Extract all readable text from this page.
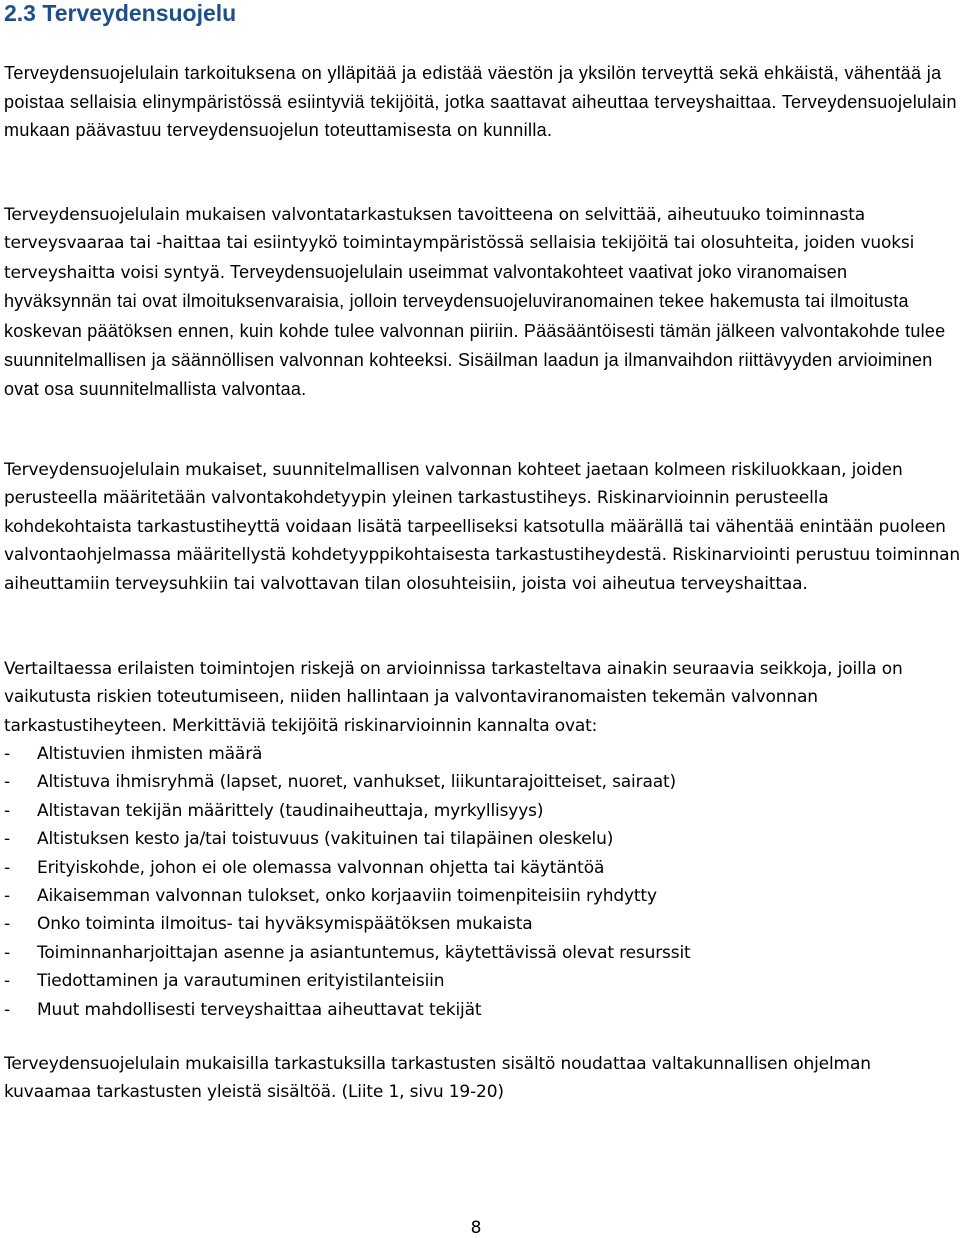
2.3 Terveydensuojelu

Terveydensuojelulain tarkoituksena on ylläpitää ja edistää väestön ja yksilön terveyttä sekä ehkäistä, vähentää ja poistaa sellaisia elinympäristössä esiintyviä tekijöitä, jotka saattavat aiheuttaa terveyshaittaa. Terveydensuojelulain mukaan päävastuu terveydensuojelun toteuttamisesta on kunnilla.

Terveydensuojelulain mukaisen valvontatarkastuksen tavoitteena on selvittää, aiheutuuko toiminnasta terveysvaaraa tai -haittaa tai esiintyykö toimintaympäristössä sellaisia tekijöitä tai olosuhteita, joiden vuoksi terveyshaitta voisi syntyä. Terveydensuojelulain useimmat valvontakohteet vaativat joko viranomaisen hyväksynnän tai ovat ilmoituksenvaraisia, jolloin terveydensuojeluviranomainen tekee hakemusta tai ilmoitusta koskevan päätöksen ennen, kuin kohde tulee valvonnan piiriin. Pääsääntöisesti tämän jälkeen valvontakohde tulee suunnitelmallisen ja säännöllisen valvonnan kohteeksi. Sisäilman laadun ja ilmanvaihdon riittävyyden arvioiminen ovat osa suunnitelmallista valvontaa.

Terveydensuojelulain mukaiset, suunnitelmallisen valvonnan kohteet jaetaan kolmeen riskiluokkaan, joiden perusteella määritetään valvontakohdetyypin yleinen tarkastustiheys. Riskinarvioinnin perusteella kohdekohtaista tarkastustiheyttä voidaan lisätä tarpeelliseksi katsotulla määrällä tai vähentää enintään puoleen valvontaohjelmassa määritellystä kohdetyyppikohtaisesta tarkastustiheydestä. Riskinarviointi perustuu toiminnan aiheuttamiin terveysuhkiin tai valvottavan tilan olosuhteisiin, joista voi aiheutua terveyshaittaa.

Vertailtaessa erilaisten toimintojen riskejä on arvioinnissa tarkasteltava ainakin seuraavia seikkoja, joilla on vaikutusta riskien toteutumiseen, niiden hallintaan ja valvontaviranomaisten tekemän valvonnan tarkastustiheyteen. Merkittäviä tekijöitä riskinarvioinnin kannalta ovat:

- Altistuvien ihmisten määrä
- Altistuva ihmisryhmä (lapset, nuoret, vanhukset, liikuntarajoitteiset, sairaat)
- Altistavan tekijän määrittely (taudinaiheuttaja, myrkyllisyys)
- Altistuksen kesto ja/tai toistuvuus (vakituinen tai tilapäinen oleskelu)
- Erityiskohde, johon ei ole olemassa valvonnan ohjetta tai käytäntöä
- Aikaisemman valvonnan tulokset, onko korjaaviin toimenpiteisiin ryhdytty
- Onko toiminta ilmoitus- tai hyväksymispäätöksen mukaista
- Toiminnanharjoittajan asenne ja asiantuntemus, käytettävissä olevat resurssit
- Tiedottaminen ja varautuminen erityistilanteisiin
- Muut mahdollisesti terveyshaittaa aiheuttavat tekijät

Terveydensuojelulain mukaisilla tarkastuksilla tarkastusten sisältö noudattaa valtakunnallisen ohjelman kuvaamaa tarkastusten yleistä sisältöä. (Liite 1, sivu 19-20)

8
